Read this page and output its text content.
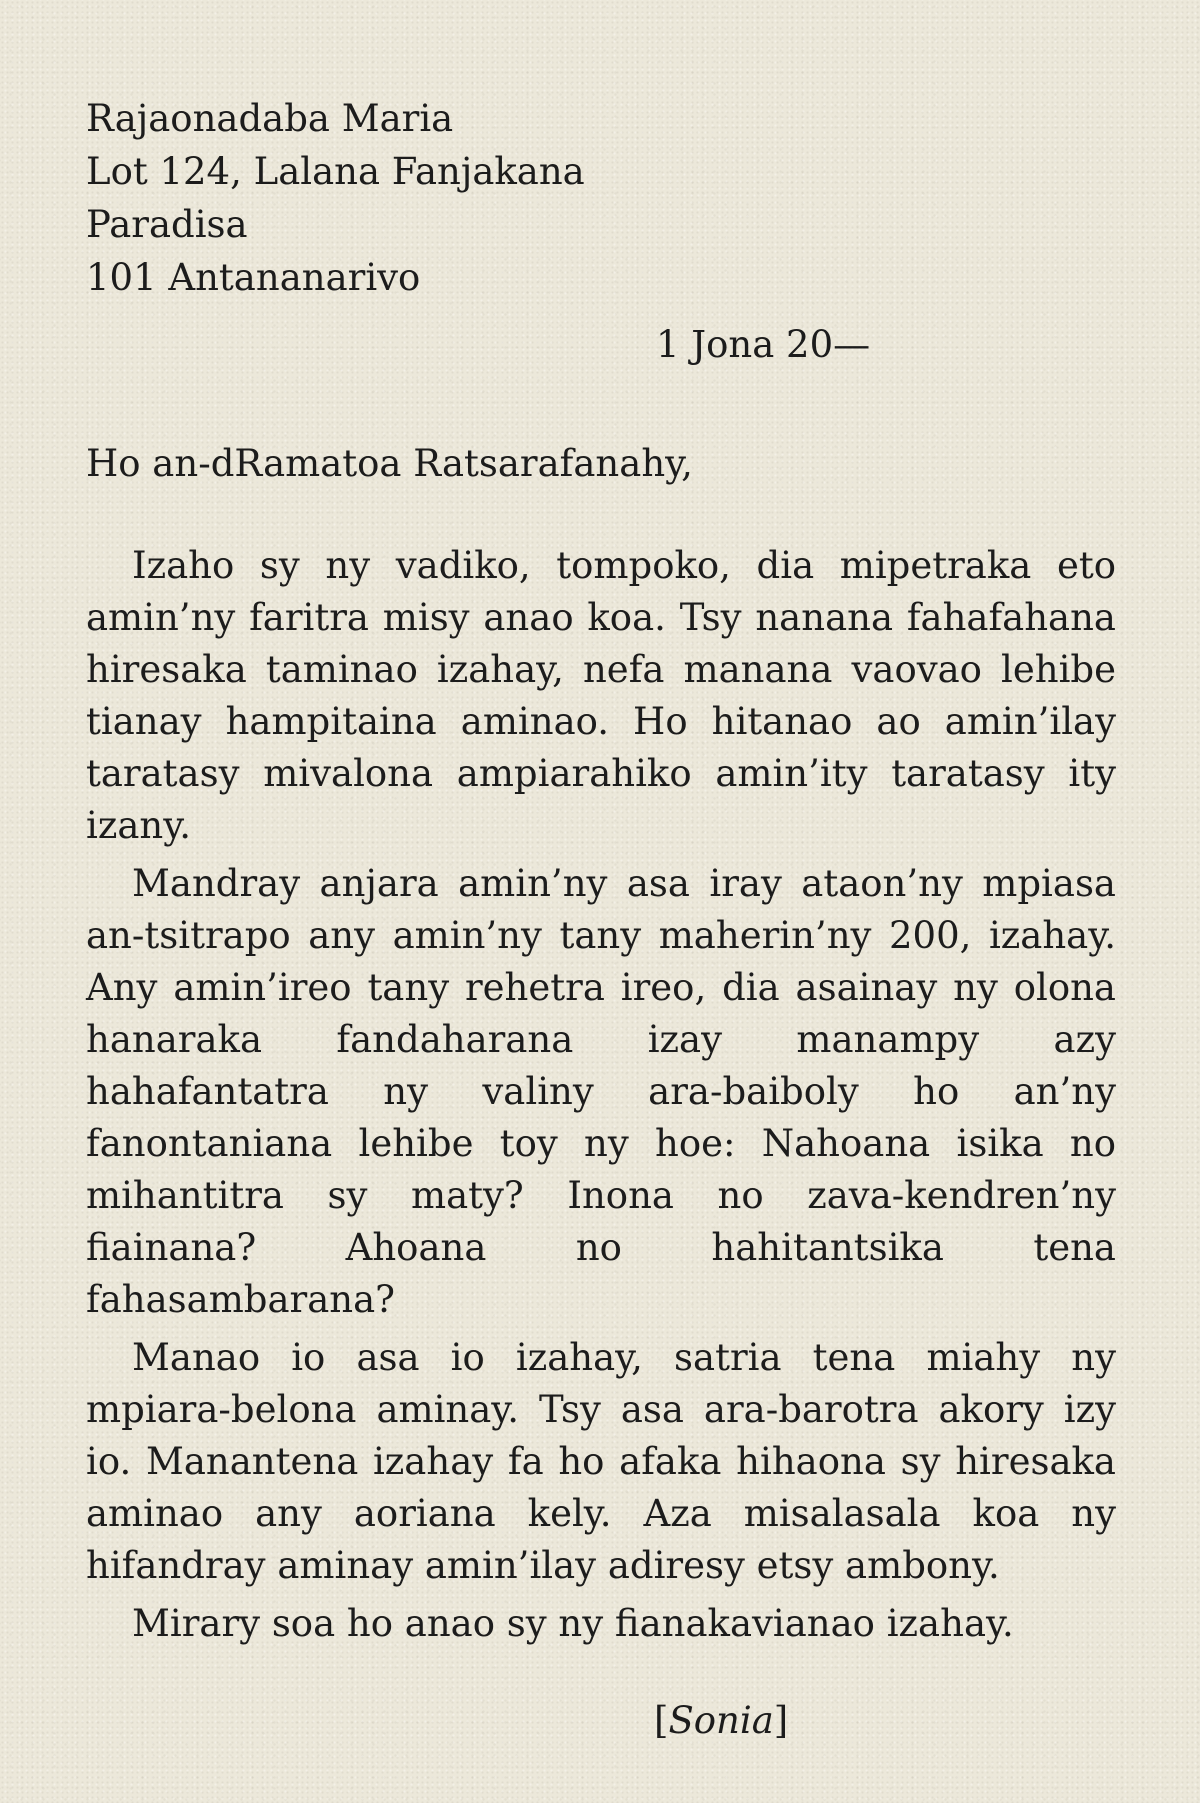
Rajaonadaba Maria
Lot 124, Lalana Fanjakana
Paradisa
101 Antananarivo
1 Jona 20—
Ho an-dRamatoa Ratsarafanahy,

Izaho sy ny vadiko, tompoko, dia mipetraka eto amin’ny faritra misy anao koa. Tsy nanana fahafahana hiresaka taminao izahay, nefa manana vaovao lehibe tianay hampitaina aminao. Ho hitanao ao amin’ilay taratasy mivalona ampiarahiko amin’ity taratasy ity izany.

Mandray anjara amin’ny asa iray ataon’ny mpiasa an-tsitrapo any amin’ny tany maherin’ny 200, izahay. Any amin’ireo tany rehetra ireo, dia asainay ny olona hanaraka fandaharana izay manampy azy hahafantatra ny valiny ara-baiboly ho an’ny fanontaniana lehibe toy ny hoe: Nahoana isika no mihantitra sy maty? Inona no zava-kendren’ny fiainana? Ahoana no hahitantsika tena fahasambarana?

Manao io asa io izahay, satria tena miahy ny mpiara-belona aminay. Tsy asa ara-barotra akory izy io. Manantena izahay fa ho afaka hihaona sy hiresaka aminao any aoriana kely. Aza misalasala koa ny hifandray aminay amin’ilay adiresy etsy ambony.

Mirary soa ho anao sy ny fianakavianao izahay.

[Sonia]
